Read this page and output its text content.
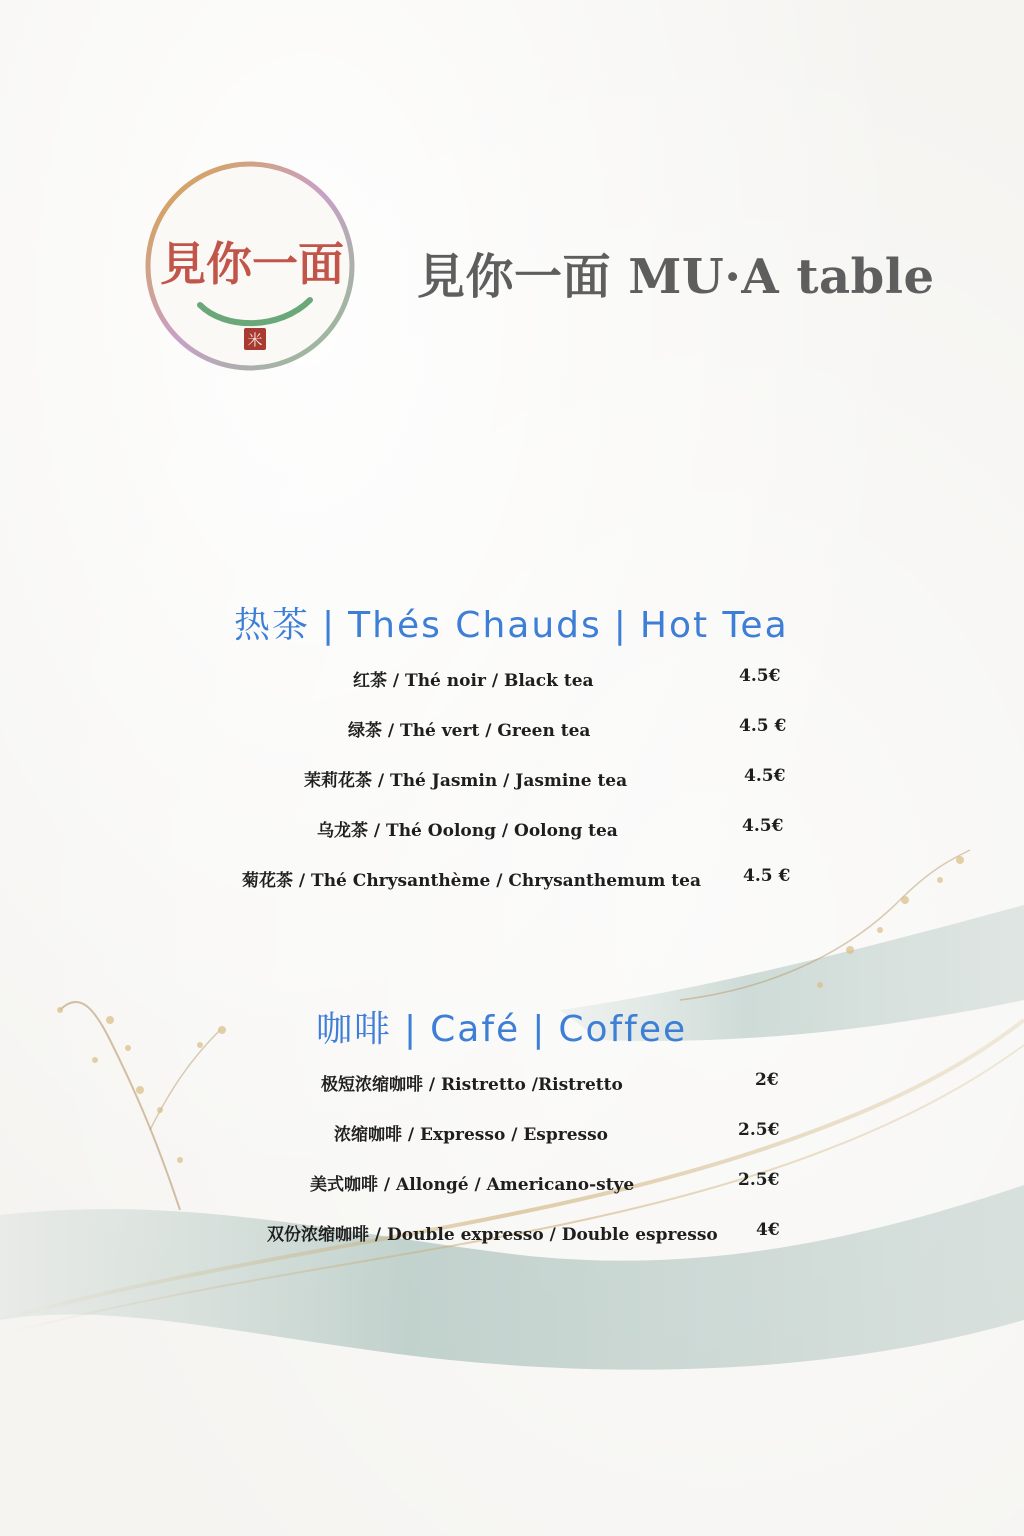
見你一面
米
見你一面 MU·A table
热茶 | Thés Chauds | Hot Tea
红茶 / Thé noir / Black tea	4.5€
绿茶 / Thé vert / Green tea	4.5 €
茉莉花茶 / Thé Jasmin / Jasmine tea	4.5€
乌龙茶 / Thé Oolong / Oolong tea	4.5€
菊花茶 / Thé Chrysanthème / Chrysanthemum tea 4.5 €
咖啡 | Café | Coffee
极短浓缩咖啡 / Ristretto /Ristretto	2€
浓缩咖啡 / Expresso / Espresso	2.5€
美式咖啡 / Allongé / Americano-stye	2.5€
双份浓缩咖啡 / Double expresso / Double espresso 4€
